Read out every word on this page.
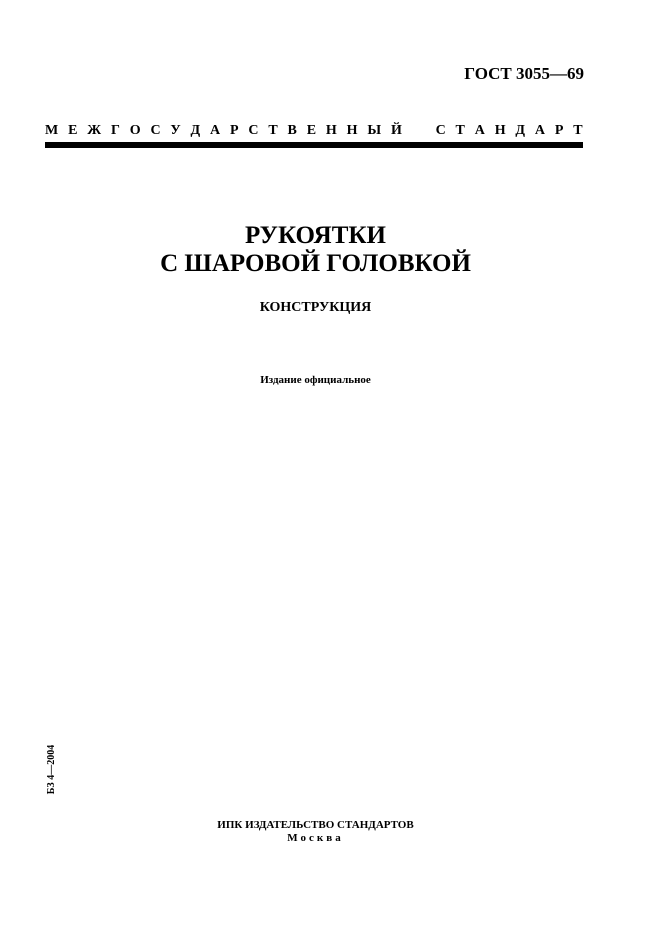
ГОСТ 3055—69
М Е Ж Г О С У Д А Р С Т В Е Н Н Ы Й С Т А Н Д А Р Т
РУКОЯТКИ
С ШАРОВОЙ ГОЛОВКОЙ
КОНСТРУКЦИЯ
Издание официальное
БЗ 4—2004
ИПК ИЗДАТЕЛЬСТВО СТАНДАРТОВ
Москва
